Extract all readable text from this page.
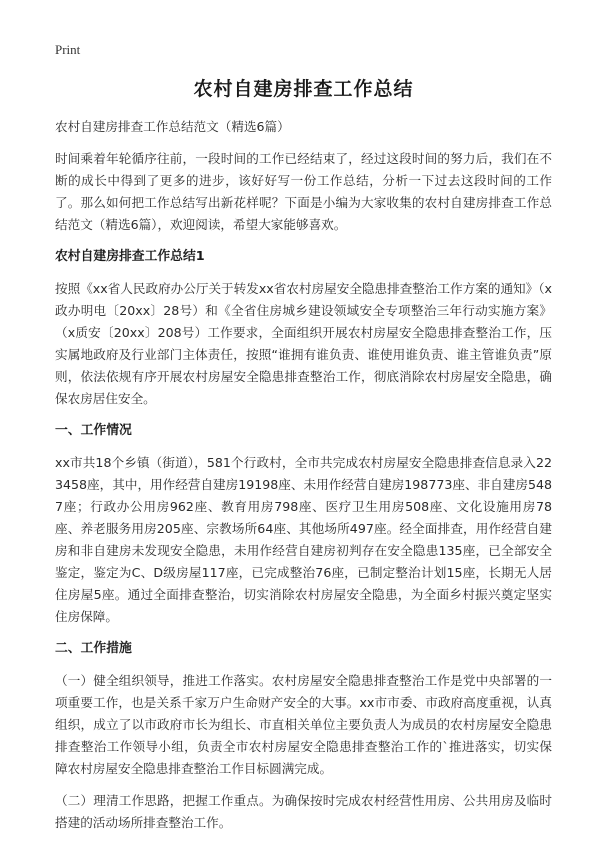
Print
农村自建房排查工作总结
农村自建房排查工作总结范文（精选6篇）

时间乘着年轮循序往前，一段时间的工作已经结束了，经过这段时间的努力后，我们在不断的成长中得到了更多的进步，该好好写一份工作总结，分析一下过去这段时间的工作了。那么如何把工作总结写出新花样呢？下面是小编为大家收集的农村自建房排查工作总结范文（精选6篇），欢迎阅读，希望大家能够喜欢。

农村自建房排查工作总结1

按照《xx省人民政府办公厅关于转发xx省农村房屋安全隐患排查整治工作方案的通知》（x政办明电〔20xx〕28号）和《全省住房城乡建设领域安全专项整治三年行动实施方案》（x质安〔20xx〕208号）工作要求，全面组织开展农村房屋安全隐患排查整治工作，压实属地政府及行业部门主体责任，按照“谁拥有谁负责、谁使用谁负责、谁主管谁负责”原则，依法依规有序开展农村房屋安全隐患排查整治工作，彻底消除农村房屋安全隐患，确保农房居住安全。

一、工作情况

xx市共18个乡镇（街道），581个行政村，全市共完成农村房屋安全隐患排查信息录入223458座，其中，用作经营自建房19198座、未用作经营自建房198773座、非自建房5487座；行政办公用房962座、教育用房798座、医疗卫生用房508座、文化设施用房78座、养老服务用房205座、宗教场所64座、其他场所497座。经全面排查，用作经营自建房和非自建房未发现安全隐患，未用作经营自建房初判存在安全隐患135座，已全部安全鉴定，鉴定为C、D级房屋117座，已完成整治76座，已制定整治计划15座，长期无人居住房屋5座。通过全面排查整治，切实消除农村房屋安全隐患，为全面乡村振兴奠定坚实住房保障。

二、工作措施

（一）健全组织领导，推进工作落实。农村房屋安全隐患排查整治工作是党中央部署的一项重要工作，也是关系千家万户生命财产安全的大事。xx市市委、市政府高度重视，认真组织，成立了以市政府市长为组长、市直相关单位主要负责人为成员的农村房屋安全隐患排查整治工作领导小组，负责全市农村房屋安全隐患排查整治工作的`推进落实，切实保障农村房屋安全隐患排查整治工作目标圆满完成。

（二）理清工作思路，把握工作重点。为确保按时完成农村经营性用房、公共用房及临时搭建的活动场所排查整治工作。
